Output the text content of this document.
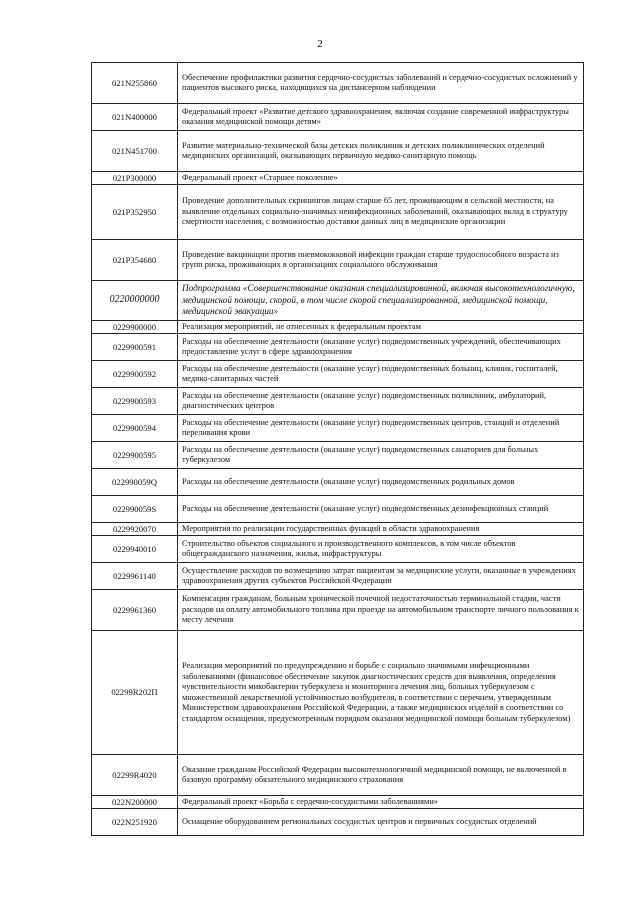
2
021N255860	Обеспечение профилактики развития сердечно-сосудистых заболеваний и сердечно-сосудистых осложнений у пациентов высокого риска, находящихся на диспансерном наблюдении
021N400000	Федеральный проект «Развитие детского здравоохранения, включая создание современной инфраструктуры оказания медицинской помощи детям»
021N451700	Развитие материально-технической базы детских поликлиник и детских поликлинических отделений медицинских организаций, оказывающих первичную медико-санитарную помощь
021P300000	Федеральный проект «Старшее поколение»
021P352950	Проведение дополнительных скринингов лицам старше 65 лет, проживающим в сельской местности, на выявление отдельных социально-значимых неинфекционных заболеваний, оказывающих вклад в структуру смертности населения, с возможностью доставки данных лиц в медицинские организации
021P354680	Проведение вакцинации против пневмококковой инфекции граждан старше трудоспособного возраста из групп риска, проживающих в организациях социального обслуживания
0220000000	Подпрограмма «Совершенствование оказания специализированной, включая высокотехнологичную, медицинской помощи, скорой, в том числе скорой специализированной, медицинской помощи, медицинской эвакуации»
0229900000	Реализация мероприятий, не отнесенных к федеральным проектам
0229900591	Расходы на обеспечение деятельности (оказание услуг) подведомственных учреждений, обеспечивающих предоставление услуг в сфере здравоохранения
0229900592	Расходы на обеспечение деятельности (оказание услуг) подведомственных больниц, клиник, госпиталей, медико-санитарных частей
0229900593	Расходы на обеспечение деятельности (оказание услуг) подведомственных поликлиник, амбулаторий, диагностических центров
0229900594	Расходы на обеспечение деятельности (оказание услуг) подведомственных центров, станций и отделений переливания крови
0229900595	Расходы на обеспечение деятельности (оказание услуг) подведомственных санаториев для больных туберкулезом
022990059Q	Расходы на обеспечение деятельности (оказание услуг) подведомственных родильных домов
022990059S	Расходы на обеспечение деятельности (оказание услуг) подведомственных дезинфекционных станций
0229920070	Мероприятия по реализации государственных функций в области здравоохранения
0229940010	Строительство объектов социального и производственного комплексов, в том числе объектов общегражданского назначения, жилья, инфраструктуры
0229961140	Осуществление расходов по возмещению затрат пациентам за медицинские услуги, оказанные в учреждениях здравоохранения других субъектов Российской Федерации
0229961360	Компенсация гражданам, больным хронической почечной недостаточностью терминальной стадии, части расходов на оплату автомобильного топлива при проезде на автомобильном транспорте личного пользования к месту лечения
02299R202П	Реализация мероприятий по предупреждению и борьбе с социально значимыми инфекционными заболеваниями (финансовое обеспечение закупок диагностических средств для выявления, определения чувствительности микобактерии туберкулеза и мониторинга лечения лиц, больных туберкулезом с множественной лекарственной устойчивостью возбудителя, в соответствии с перечнем, утвержденным Министерством здравоохранения Российской Федерации, а также медицинских изделий в соответствии со стандартом оснащения, предусмотренным порядком оказания медицинской помощи больным туберкулезом)
02299R4020	Оказание гражданам Российской Федерации высокотехнологичной медицинской помощи, не включенной в базовую программу обязательного медицинского страхования
022N200000	Федеральный проект «Борьба с сердечно-сосудистыми заболеваниями»
022N251920	Оснащение оборудованием региональных сосудистых центров и первичных сосудистых отделений
